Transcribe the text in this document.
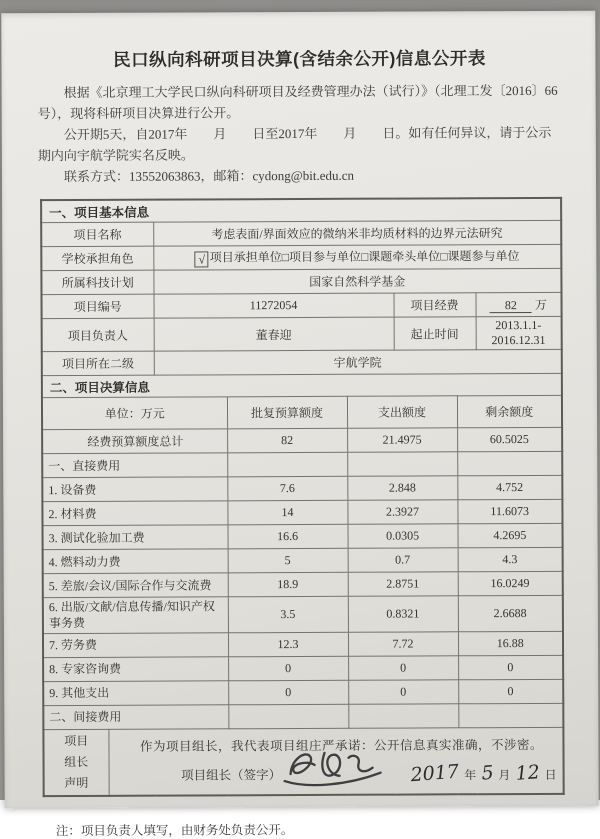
民口纵向科研项目决算(含结余公开)信息公开表

根据《北京理工大学民口纵向科研项目及经费管理办法（试行）》（北理工发〔2016〕66 号），现将科研项目决算进行公开。

公开期5天，自2017年　　月　　日至2017年　　月　　日。如有任何异议，请于公示期内向宇航学院实名反映。

联系方式：13552063863，邮箱：cydong@bit.edu.cn

一、项目基本信息							
项目名称		考虑表面/界面效应的微纳米非均质材料的边界元法研究					
学校承担角色		√ 项目承担单位□项目参与单位□课题牵头单位□课题参与单位					
所属科技计划		国家自然科学基金					
项目编号		11272054			项目经费		82 万
项目负责人		董春迎			起止时间		2013.1.1-2016.12.31
项目所在二级		宇航学院					
二、项目决算信息							
单位：万元			批复预算额度	支出额度		剩余额度	
经费预算额度总计			82	21.4975		60.5025	
一、直接费用							
1. 设备费			7.6	2.848		4.752	
2. 材料费			14	2.3927		11.6073	
3. 测试化验加工费			16.6	0.0305		4.2695	
4. 燃料动力费			5	0.7		4.3	
5. 差旅/会议/国际合作与交流费			18.9	2.8751		16.0249	
6. 出版/文献/信息传播/知识产权事务费			3.5	0.8321		2.6688	
7. 劳务费			12.3	7.72		16.88	
8. 专家咨询费			0	0		0	
9. 其他支出			0	0		0	
二、间接费用							

项目
组长
声明

作为项目组长，我代表项目组庄严承诺：公开信息真实准确，不涉密。

项目组长（签字）	2017 年 5 月 12 日
注：项目负责人填写，由财务处负责公开。
